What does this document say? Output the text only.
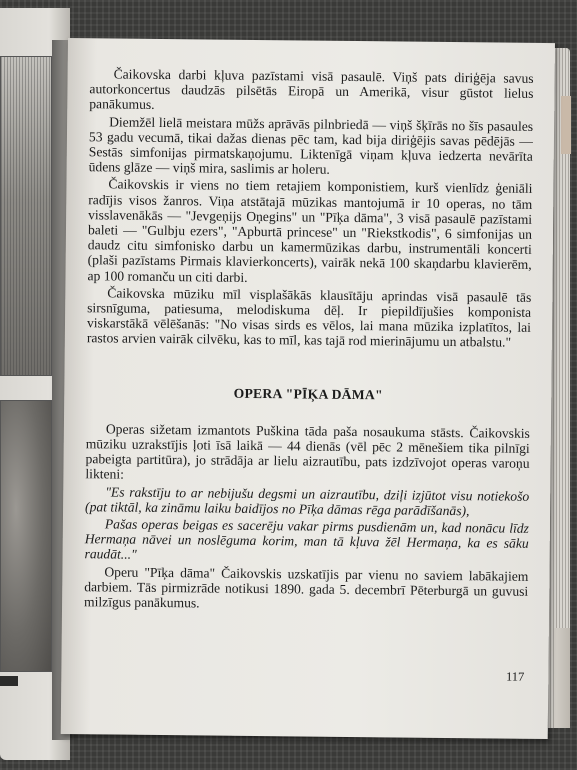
Čaikovska darbi kļuva pazīstami visā pasaulē. Viņš pats diriģēja savus autorkoncertus daudzās pilsētās Eiropā un Amerikā, visur gūstot lielus panākumus.

Diemžēl lielā meistara mūžs aprāvās pilnbriedā — viņš šķīrās no šīs pasaules 53 gadu vecumā, tikai dažas dienas pēc tam, kad bija diriģējis savas pēdējās — Sestās simfonijas pirmatskaņojumu. Liktenīgā viņam kļuva iedzerta nevārīta ūdens glāze — viņš mira, saslimis ar holeru.

Čaikovskis ir viens no tiem retajiem komponistiem, kurš vienlīdz ģeniāli radījis visos žanros. Viņa atstātajā mūzikas mantojumā ir 10 operas, no tām visslavenākās — "Jevgeņijs Oņegins" un "Pīķa dāma", 3 visā pasaulē pazīstami baleti — "Gulbju ezers", "Apburtā princese" un "Riekstkodis", 6 simfonijas un daudz citu simfonisko darbu un kamermūzikas darbu, instrumentāli koncerti (plaši pazīstams Pirmais klavierkoncerts), vairāk nekā 100 skaņdarbu klavierēm, ap 100 romanču un citi darbi.

Čaikovska mūziku mīl visplašākās klausītāju aprindas visā pasaulē tās sirsnīguma, patiesuma, melodiskuma dēļ. Ir piepildījušies komponista viskarstākā vēlēšanās: "No visas sirds es vēlos, lai mana mūzika izplatītos, lai rastos arvien vairāk cilvēku, kas to mīl, kas tajā rod mierinājumu un atbalstu."

OPERA "PĪĶA DĀMA"

Operas sižetam izmantots Puškina tāda paša nosaukuma stāsts. Čaikovskis mūziku uzrakstījis ļoti īsā laikā — 44 dienās (vēl pēc 2 mēnešiem tika pilnīgi pabeigta partitūra), jo strādāja ar lielu aizrautību, pats izdzīvojot operas varoņu likteni:

"Es rakstīju to ar nebijušu degsmi un aizrautību, dziļi izjūtot visu notiekošo (pat tiktāl, ka zināmu laiku baidījos no Pīķa dāmas rēga parādīšanās),

Pašas operas beigas es sacerēju vakar pirms pusdienām un, kad nonācu līdz Hermaņa nāvei un noslēguma korim, man tā kļuva žēl Hermaņa, ka es sāku raudāt..."

Operu "Pīķa dāma" Čaikovskis uzskatījis par vienu no saviem labākajiem darbiem. Tās pirmizrāde notikusi 1890. gada 5. decembrī Pēterburgā un guvusi milzīgus panākumus.

117
